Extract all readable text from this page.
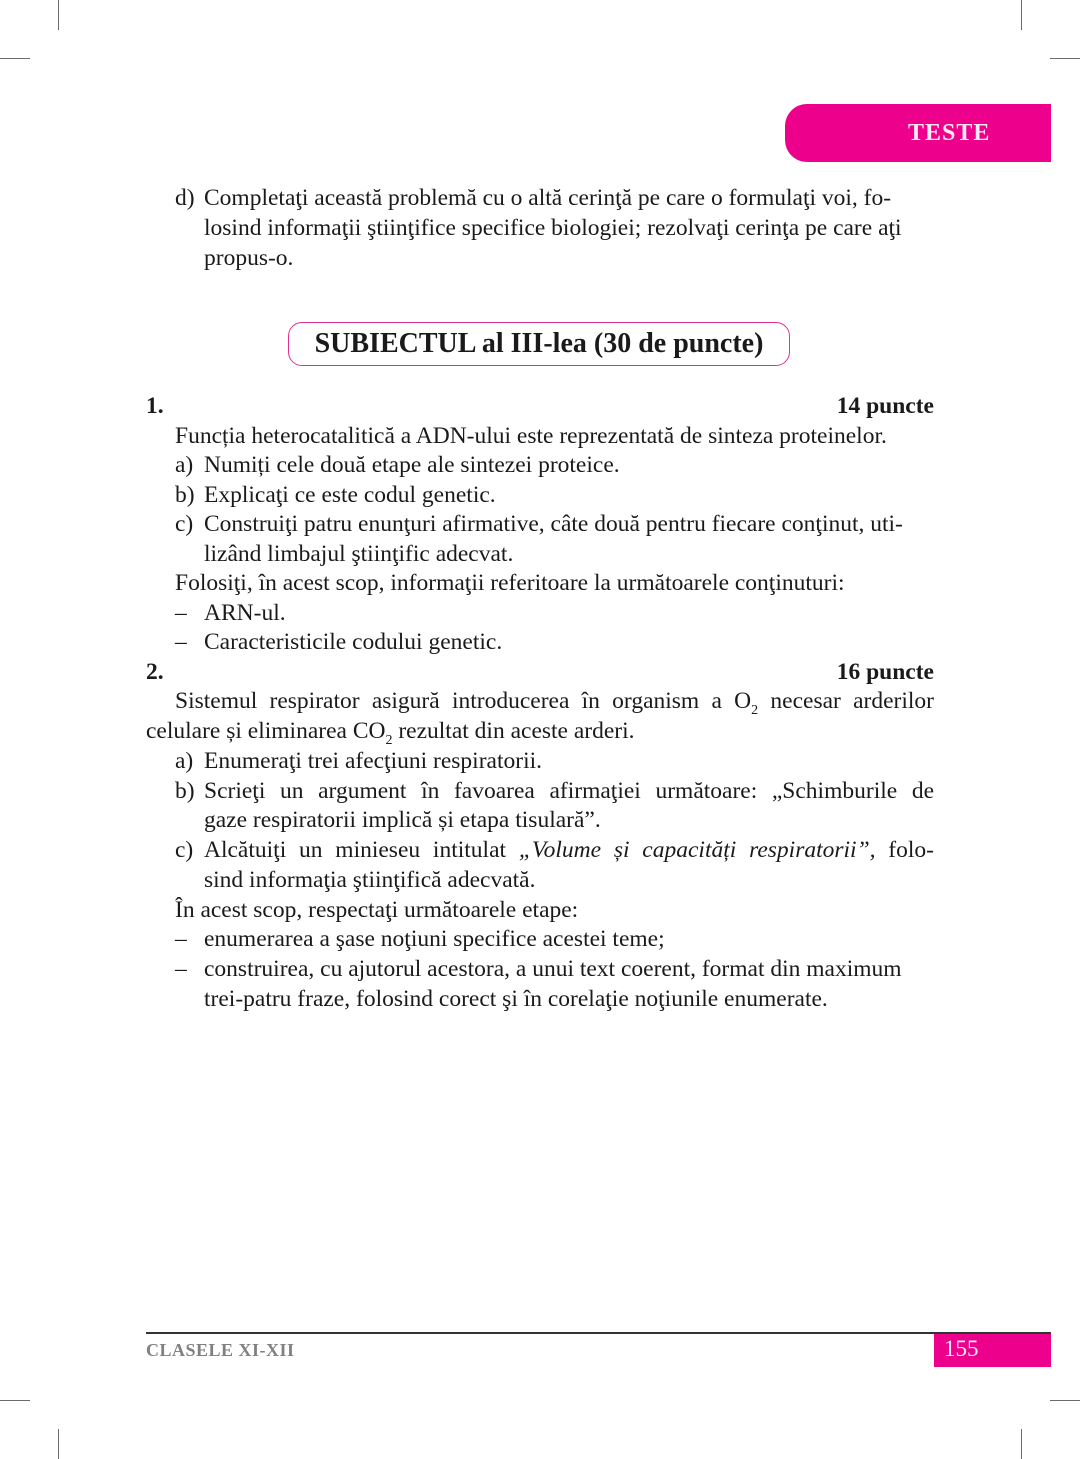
TESTE
d) Completaţi această problemă cu o altă cerinţă pe care o formulaţi voi, fo-
losind informaţii ştiinţifice specifice biologiei; rezolvaţi cerinţa pe care aţi
propus-o.
SUBIECTUL al III-lea (30 de puncte)
1.	14 puncte
Funcția heterocatalitică a ADN-ului este reprezentată de sinteza proteinelor.
a) Numiți cele două etape ale sintezei proteice.
b) Explicaţi ce este codul genetic.
c) Construiţi patru enunţuri afirmative, câte două pentru fiecare conţinut, uti-
lizând limbajul ştiinţific adecvat.
Folosiţi, în acest scop, informaţii referitoare la următoarele conţinuturi:
– ARN-ul.
– Caracteristicile codului genetic.
2.	16 puncte
Sistemul respirator asigură introducerea în organism a $O_2$ necesar arderilor
celulare și eliminarea $CO_2$ rezultat din aceste arderi.
a) Enumeraţi trei afecţiuni respiratorii.
b) Scrieţi un argument în favoarea afirmaţiei următoare: „Schimburile de
gaze respiratorii implică și etapa tisulară”.
c) Alcătuiţi un minieseu intitulat „Volume și capacități respiratorii”, folo-
sind informaţia ştiinţifică adecvată.
În acest scop, respectaţi următoarele etape:
– enumerarea a şase noţiuni specifice acestei teme;
– construirea, cu ajutorul acestora, a unui text coerent, format din maximum
trei-patru fraze, folosind corect şi în corelaţie noţiunile enumerate.
CLASELE XI-XII	155
